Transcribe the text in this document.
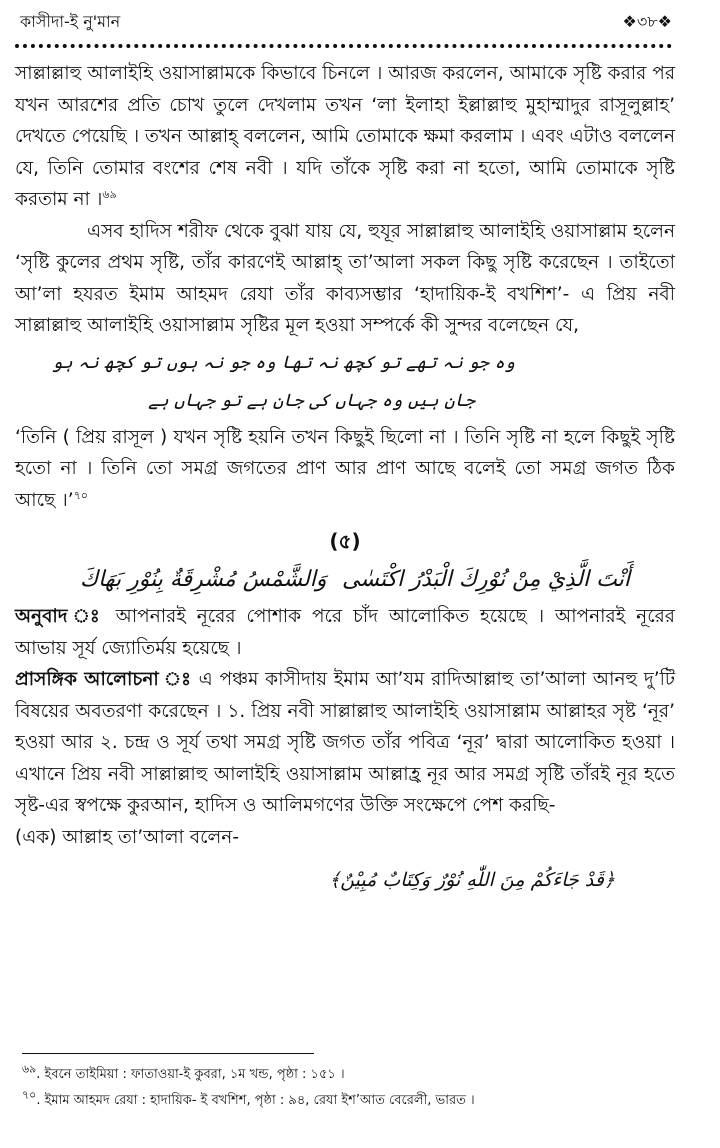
কাসীদা-ই নু'মান	❖৩৮❖

সাল্লাল্লাহু আলাইহি ওয়াসাল্লামকে কিভাবে চিনলে । আরজ করলেন, আমাকে সৃষ্টি করার পর যখন আরশের প্রতি চোখ তুলে দেখলাম তখন ‘লা ইলাহা ইল্লাল্লাহু মুহাম্মাদুর রাসূলুল্লাহ’ দেখতে পেয়েছি । তখন আল্লাহ্ বললেন, আমি তোমাকে ক্ষমা করলাম । এবং এটাও বললেন যে, তিনি তোমার বংশের শেষ নবী । যদি তাঁকে সৃষ্টি করা না হতো, আমি তোমাকে সৃষ্টি করতাম না ।$^{৬৯}$

এসব হাদিস শরীফ থেকে বুঝা যায় যে, হুযূর সাল্লাল্লাহু আলাইহি ওয়াসাল্লাম হলেন ‘সৃষ্টি কুলের প্রথম সৃষ্টি, তাঁর কারণেই আল্লাহ্ তা’আলা সকল কিছু সৃষ্টি করেছেন । তাইতো আ’লা হযরত ইমাম আহমদ রেযা তাঁর কাব্যসম্ভার ‘হাদায়িক-ই বখশিশ’- এ প্রিয় নবী সাল্লাল্লাহু আলাইহি ওয়াসাল্লাম সৃষ্টির মূল হওয়া সম্পর্কে কী সুন্দর বলেছেন যে,

وہ جو نہ تھے تو کچھ نہ تھا وہ جو نہ ہوں تو کچھ نہ ہو
جان ہیں وہ جہاں کی جان ہے تو جہاں ہے

‘তিনি ( প্রিয় রাসূল ) যখন সৃষ্টি হয়নি তখন কিছুই ছিলো না । তিনি সৃষ্টি না হলে কিছুই সৃষ্টি হতো না । তিনি তো সমগ্র জগতের প্রাণ আর প্রাণ আছে বলেই তো সমগ্র জগত ঠিক আছে ।’$^{৭০}$

(৫)
أَنْتَ الَّذِيْ مِنْ نُوْرِكَ الْبَدْرُ اكْتَسٰى
وَالشَّمْسُ مُشْرِقَةٌ بِنُوْرِ بَهَاكَ

অনুবাদ ঃ আপনারই নূরের পোশাক পরে চাঁদ আলোকিত হয়েছে । আপনারই নূরের আভায় সূর্য জ্যোতির্ময় হয়েছে ।

প্রাসঙ্গিক আলোচনা ঃ এ পঞ্চম কাসীদায় ইমাম আ’যম রাদিআল্লাহু তা’আলা আনহু দু’টি বিষয়ের অবতরণা করেছেন । ১. প্রিয় নবী সাল্লাল্লাহু আলাইহি ওয়াসাল্লাম আল্লাহর সৃষ্ট ‘নূর’ হওয়া আর ২. চন্দ্র ও সূর্য তথা সমগ্র সৃষ্টি জগত তাঁর পবিত্র ‘নূর’ দ্বারা আলোকিত হওয়া । এখানে প্রিয় নবী সাল্লাল্লাহু আলাইহি ওয়াসাল্লাম আল্লাহ্র নূর আর সমগ্র সৃষ্টি তাঁরই নূর হতে সৃষ্ট-এর স্বপক্ষে কুরআন, হাদিস ও আলিমগণের উক্তি সংক্ষেপে পেশ করছি-

(এক) আল্লাহ তা’আলা বলেন-

﴿قَدْ جَاءَكُمْ مِنَ اللّٰهِ نُوْرٌ وَكِتَابٌ مُبِيْنٌ﴾
$^{৬৯}$. ইবনে তাইমিয়া : ফাতাওয়া-ই কুবরা, ১ম খন্ড, পৃষ্ঠা : ১৫১ ।
$^{৭০}$. ইমাম আহমদ রেযা : হাদায়িক- ই বখশিশ, পৃষ্ঠা : ৯৪, রেযা ইশ’আত বেরেলী, ভারত ।
